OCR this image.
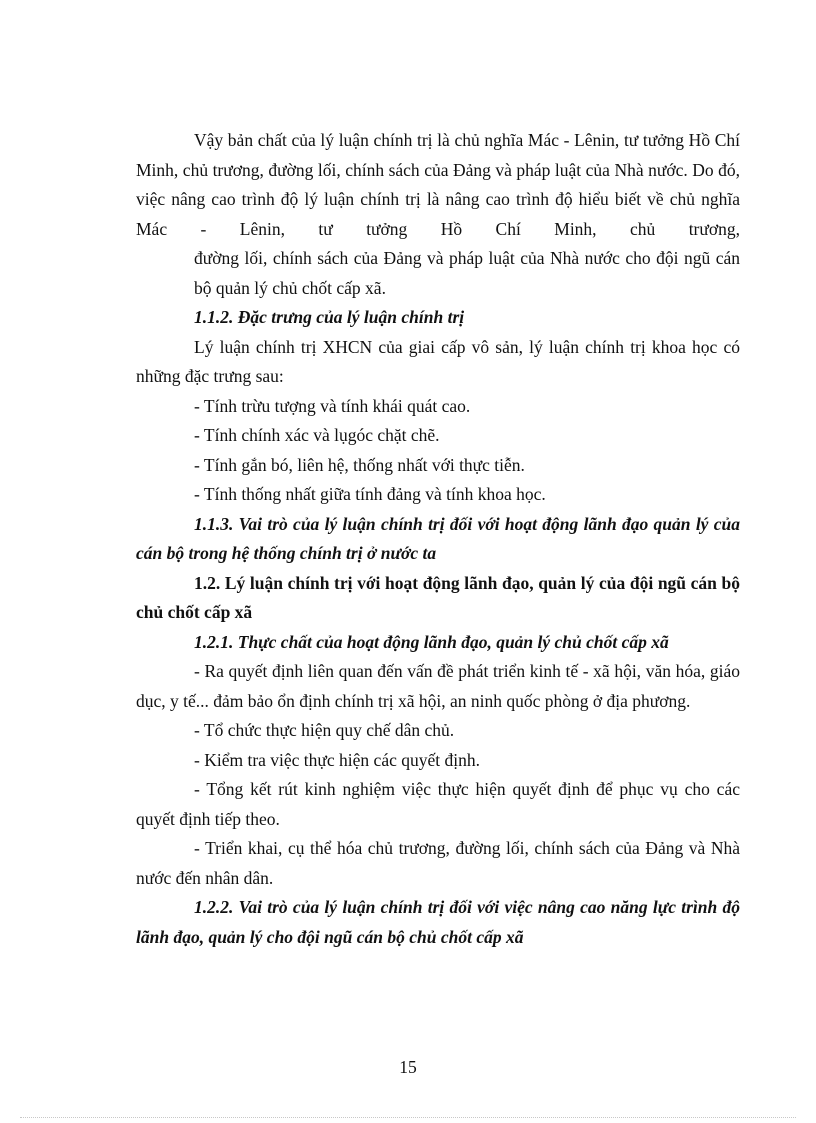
Vậy bản chất của lý luận chính trị là chủ nghĩa Mác - Lênin, tư tưởng Hồ Chí Minh, chủ trương, đường lối, chính sách của Đảng và pháp luật của Nhà nước. Do đó, việc nâng cao trình độ lý luận chính trị là nâng cao trình độ hiểu biết về chủ nghĩa Mác - Lênin, tư tưởng Hồ Chí Minh, chủ trương,

đường lối, chính sách của Đảng và pháp luật của Nhà nước cho đội ngũ cán bộ quản lý chủ chốt cấp xã.

1.1.2. Đặc trưng của lý luận chính trị

Lý luận chính trị XHCN của giai cấp vô sản, lý luận chính trị khoa học có những đặc trưng sau:

- Tính trừu tượng và tính khái quát cao.

- Tính chính xác và lụgóc chặt chẽ.

- Tính gắn bó, liên hệ, thống nhất với thực tiễn.

- Tính thống nhất giữa tính đảng và tính khoa học.

1.1.3. Vai trò của lý luận chính trị đối với hoạt động lãnh đạo quản lý của cán bộ trong hệ thống chính trị ở nước ta

1.2. Lý luận chính trị với hoạt động lãnh đạo, quản lý của đội ngũ cán bộ chủ chốt cấp xã

1.2.1. Thực chất của hoạt động lãnh đạo, quản lý chủ chốt cấp xã

- Ra quyết định liên quan đến vấn đề phát triển kinh tế - xã hội, văn hóa, giáo dục, y tế... đảm bảo ổn định chính trị xã hội, an ninh quốc phòng ở địa phương.

- Tổ chức thực hiện quy chế dân chủ.

- Kiểm tra việc thực hiện các quyết định.

- Tổng kết rút kinh nghiệm việc thực hiện quyết định để phục vụ cho các quyết định tiếp theo.

- Triển khai, cụ thể hóa chủ trương, đường lối, chính sách của Đảng và Nhà nước đến nhân dân.

1.2.2. Vai trò của lý luận chính trị đối với việc nâng cao năng lực trình độ lãnh đạo, quản lý cho đội ngũ cán bộ chủ chốt cấp xã

15
